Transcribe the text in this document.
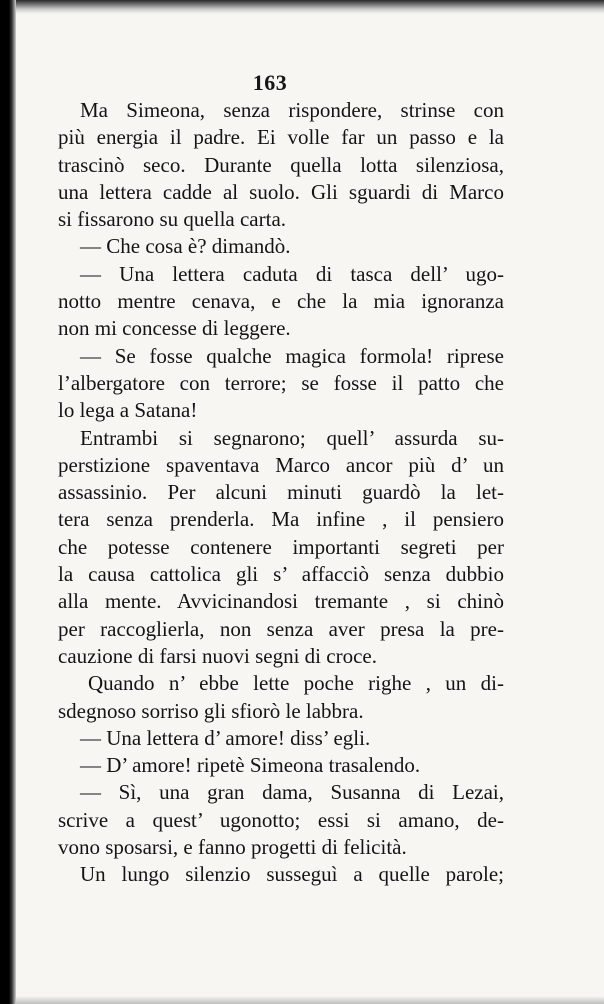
163
Ma Simeona, senza rispondere, strinse con
più energia il padre. Ei volle far un passo e la
trascinò seco. Durante quella lotta silenziosa,
una lettera cadde al suolo. Gli sguardi di Marco
si fissarono su quella carta.
— Che cosa è? dimandò.
— Una lettera caduta di tasca dell’ ugo-
notto mentre cenava, e che la mia ignoranza
non mi concesse di leggere.
— Se fosse qualche magica formola! riprese
l’albergatore con terrore; se fosse il patto che
lo lega a Satana!
Entrambi si segnarono; quell’ assurda su-
perstizione spaventava Marco ancor più d’ un
assassinio. Per alcuni minuti guardò la let-
tera senza prenderla. Ma infine , il pensiero
che potesse contenere importanti segreti per
la causa cattolica gli s’ affacciò senza dubbio
alla mente. Avvicinandosi tremante , si chinò
per raccoglierla, non senza aver presa la pre-
cauzione di farsi nuovi segni di croce.
Quando n’ ebbe lette poche righe , un di-
sdegnoso sorriso gli sfiorò le labbra.
— Una lettera d’ amore! diss’ egli.
— D’ amore! ripetè Simeona trasalendo.
— Sì, una gran dama, Susanna di Lezai,
scrive a quest’ ugonotto; essi si amano, de-
vono sposarsi, e fanno progetti di felicità.
Un lungo silenzio susseguì a quelle parole;
